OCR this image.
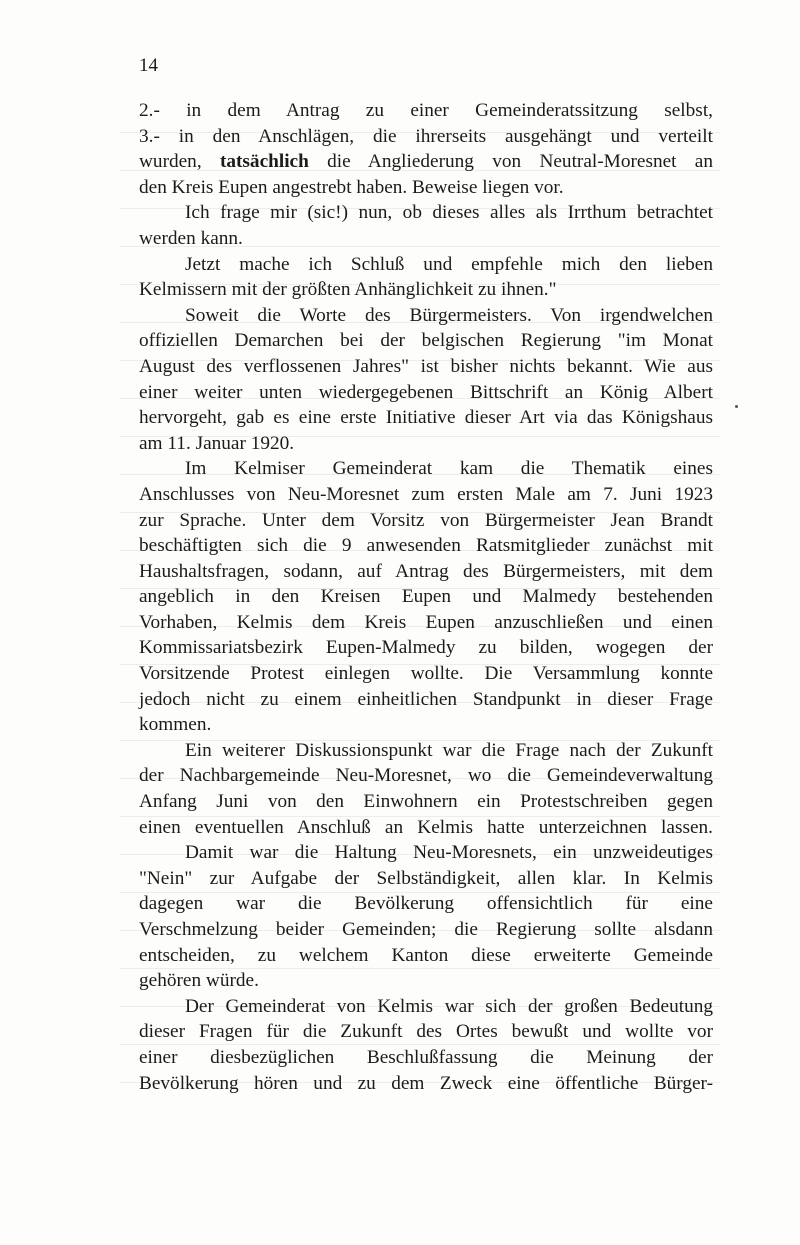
14
2.- in dem Antrag zu einer Gemeinderatssitzung selbst,
3.- in den Anschlägen, die ihrerseits ausgehängt und verteilt
wurden, tatsächlich die Angliederung von Neutral-Moresnet an
den Kreis Eupen angestrebt haben. Beweise liegen vor.
Ich frage mir (sic!) nun, ob dieses alles als Irrthum betrachtet
werden kann.
Jetzt mache ich Schluß und empfehle mich den lieben
Kelmissern mit der größten Anhänglichkeit zu ihnen."
Soweit die Worte des Bürgermeisters. Von irgendwelchen
offiziellen Demarchen bei der belgischen Regierung "im Monat
August des verflossenen Jahres" ist bisher nichts bekannt. Wie aus
einer weiter unten wiedergegebenen Bittschrift an König Albert
hervorgeht, gab es eine erste Initiative dieser Art via das Königshaus
am 11. Januar 1920.
Im Kelmiser Gemeinderat kam die Thematik eines
Anschlusses von Neu-Moresnet zum ersten Male am 7. Juni 1923
zur Sprache. Unter dem Vorsitz von Bürgermeister Jean Brandt
beschäftigten sich die 9 anwesenden Ratsmitglieder zunächst mit
Haushaltsfragen, sodann, auf Antrag des Bürgermeisters, mit dem
angeblich in den Kreisen Eupen und Malmedy bestehenden
Vorhaben, Kelmis dem Kreis Eupen anzuschließen und einen
Kommissariatsbezirk Eupen-Malmedy zu bilden, wogegen der
Vorsitzende Protest einlegen wollte. Die Versammlung konnte
jedoch nicht zu einem einheitlichen Standpunkt in dieser Frage
kommen.
Ein weiterer Diskussionspunkt war die Frage nach der Zukunft
der Nachbargemeinde Neu-Moresnet, wo die Gemeindeverwaltung
Anfang Juni von den Einwohnern ein Protestschreiben gegen
einen eventuellen Anschluß an Kelmis hatte unterzeichnen lassen.
Damit war die Haltung Neu-Moresnets, ein unzweideutiges
"Nein" zur Aufgabe der Selbständigkeit, allen klar. In Kelmis
dagegen war die Bevölkerung offensichtlich für eine
Verschmelzung beider Gemeinden; die Regierung sollte alsdann
entscheiden, zu welchem Kanton diese erweiterte Gemeinde
gehören würde.
Der Gemeinderat von Kelmis war sich der großen Bedeutung
dieser Fragen für die Zukunft des Ortes bewußt und wollte vor
einer diesbezüglichen Beschlußfassung die Meinung der
Bevölkerung hören und zu dem Zweck eine öffentliche Bürger-
